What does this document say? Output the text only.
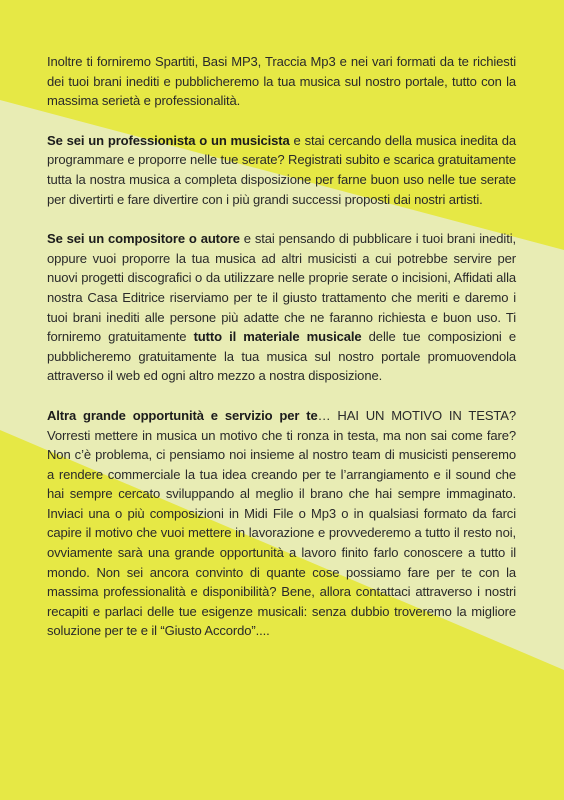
Inoltre ti forniremo Spartiti, Basi MP3, Traccia Mp3 e nei vari formati da te richiesti dei tuoi brani inediti e pubblicheremo la tua musica sul nostro portale, tutto con la massima serietà e professionalità.

Se sei un professionista o un musicista e stai cercando della musica inedita da programmare e proporre nelle tue serate? Registrati subito e scarica gratuitamente tutta la nostra musica a completa disposizione per farne buon uso nelle tue serate per divertirti e fare divertire con i più grandi successi proposti dai nostri artisti.

Se sei un compositore o autore e stai pensando di pubblicare i tuoi brani inediti, oppure vuoi proporre la tua musica ad altri musicisti a cui potrebbe servire per nuovi progetti discografici o da utilizzare nelle proprie serate o incisioni, Affidati alla nostra Casa Editrice riserviamo per te il giusto trattamento che meriti e daremo i tuoi brani inediti alle persone più adatte che ne faranno richiesta e buon uso. Ti forniremo gratuitamente tutto il materiale musicale delle tue composizioni e pubblicheremo gratuitamente la tua musica sul nostro portale promuovendola attraverso il web ed ogni altro mezzo a nostra disposizione.

Altra grande opportunità e servizio per te… HAI UN MOTIVO IN TESTA? Vorresti mettere in musica un motivo che ti ronza in testa, ma non sai come fare? Non c’è problema, ci pensiamo noi insieme al nostro team di musicisti penseremo a rendere commerciale la tua idea creando per te l’arrangiamento e il sound che hai sempre cercato sviluppando al meglio il brano che hai sempre immaginato. Inviaci una o più composizioni in Midi File o Mp3 o in qualsiasi formato da farci capire il motivo che vuoi mettere in lavorazione e provvederemo a tutto il resto noi, ovviamente sarà una grande opportunità a lavoro finito farlo conoscere a tutto il mondo. Non sei ancora convinto di quante cose possiamo fare per te con la massima professionalità e disponibilità? Bene, allora contattaci attraverso i nostri recapiti e parlaci delle tue esigenze musicali: senza dubbio troveremo la migliore soluzione per te e il “Giusto Accordo”....
